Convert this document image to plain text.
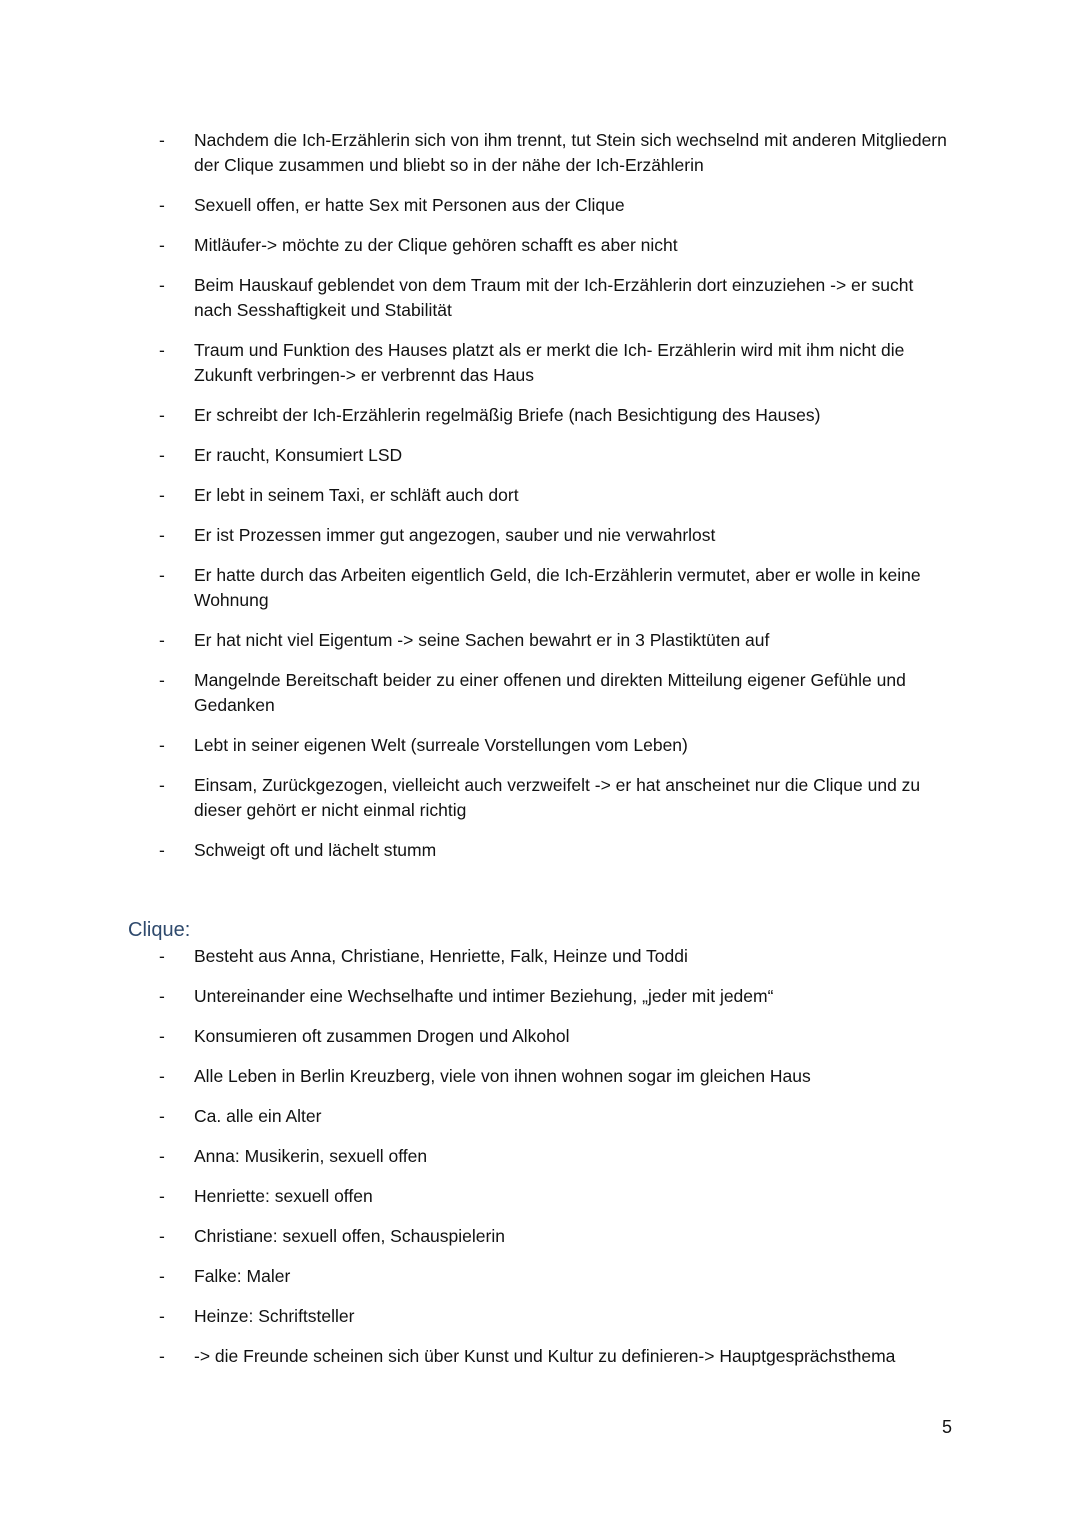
-	Nachdem die Ich-Erzählerin sich von ihm trennt, tut Stein sich wechselnd mit anderen Mitgliedern der Clique zusammen und bliebt so in der nähe der Ich-Erzählerin
-	Sexuell offen, er hatte Sex mit Personen aus der Clique
-	Mitläufer-> möchte zu der Clique gehören schafft es aber nicht
-	Beim Hauskauf geblendet von dem Traum mit der Ich-Erzählerin dort einzuziehen -> er sucht nach Sesshaftigkeit und Stabilität
-	Traum und Funktion des Hauses platzt als er merkt die Ich- Erzählerin wird mit ihm nicht die Zukunft verbringen-> er verbrennt das Haus
-	Er schreibt der Ich-Erzählerin regelmäßig Briefe (nach Besichtigung des Hauses)
-	Er raucht, Konsumiert LSD
-	Er lebt in seinem Taxi, er schläft auch dort
-	Er ist Prozessen immer gut angezogen, sauber und nie verwahrlost
-	Er hatte durch das Arbeiten eigentlich Geld, die Ich-Erzählerin vermutet, aber er wolle in keine Wohnung
-	Er hat nicht viel Eigentum -> seine Sachen bewahrt er in 3 Plastiktüten auf
-	Mangelnde Bereitschaft beider zu einer offenen und direkten Mitteilung eigener Gefühle und Gedanken
-	Lebt in seiner eigenen Welt (surreale Vorstellungen vom Leben)
-	Einsam, Zurückgezogen, vielleicht auch verzweifelt -> er hat anscheinet nur die Clique und zu dieser gehört er nicht einmal richtig
-	Schweigt oft und lächelt stumm
Clique:
-	Besteht aus Anna, Christiane, Henriette, Falk, Heinze und Toddi
-	Untereinander eine Wechselhafte und intimer Beziehung, „jeder mit jedem“
-	Konsumieren oft zusammen Drogen und Alkohol
-	Alle Leben in Berlin Kreuzberg, viele von ihnen wohnen sogar im gleichen Haus
-	Ca. alle ein Alter
-	Anna: Musikerin, sexuell offen
-	Henriette: sexuell offen
-	Christiane: sexuell offen, Schauspielerin
-	Falke: Maler
-	Heinze: Schriftsteller
-	-> die Freunde scheinen sich über Kunst und Kultur zu definieren-> Hauptgesprächsthema
5
